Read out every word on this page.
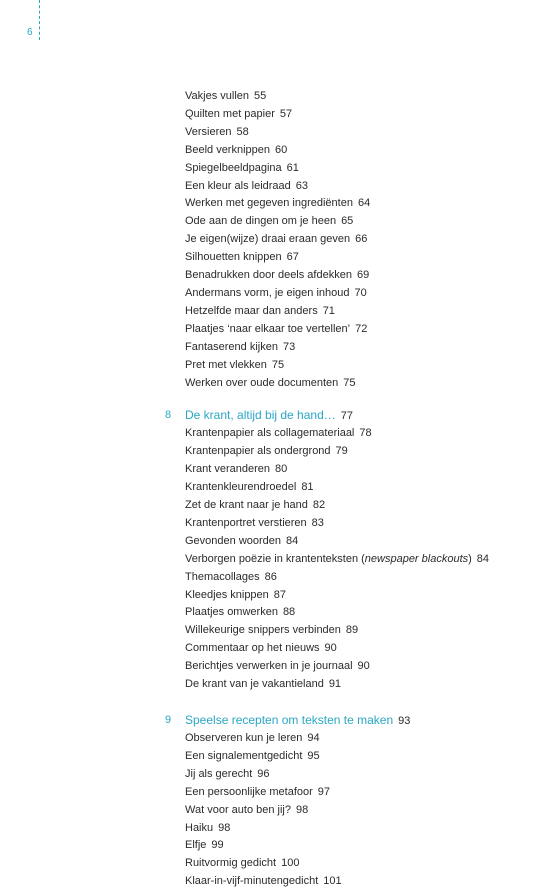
6
Vakjes vullen 55
Quilten met papier 57
Versieren 58
Beeld verknippen 60
Spiegelbeeldpagina 61
Een kleur als leidraad 63
Werken met gegeven ingrediënten 64
Ode aan de dingen om je heen 65
Je eigen(wijze) draai eraan geven 66
Silhouetten knippen 67
Benadrukken door deels afdekken 69
Andermans vorm, je eigen inhoud 70
Hetzelfde maar dan anders 71
Plaatjes ‘naar elkaar toe vertellen’ 72
Fantaserend kijken 73
Pret met vlekken 75
Werken over oude documenten 75
8 De krant, altijd bij de hand… 77
Krantenpapier als collagemateriaal 78
Krantenpapier als ondergrond 79
Krant veranderen 80
Krantenkleurendroedel 81
Zet de krant naar je hand 82
Krantenportret verstieren 83
Gevonden woorden 84
Verborgen poëzie in krantenteksten (newspaper blackouts) 84
Themacollages 86
Kleedjes knippen 87
Plaatjes omwerken 88
Willekeurige snippers verbinden 89
Commentaar op het nieuws 90
Berichtjes verwerken in je journaal 90
De krant van je vakantieland 91
9 Speelse recepten om teksten te maken 93
Observeren kun je leren 94
Een signalementgedicht 95
Jij als gerecht 96
Een persoonlijke metafoor 97
Wat voor auto ben jij? 98
Haiku 98
Elfje 99
Ruitvormig gedicht 100
Klaar-in-vijf-minutengedicht 101
